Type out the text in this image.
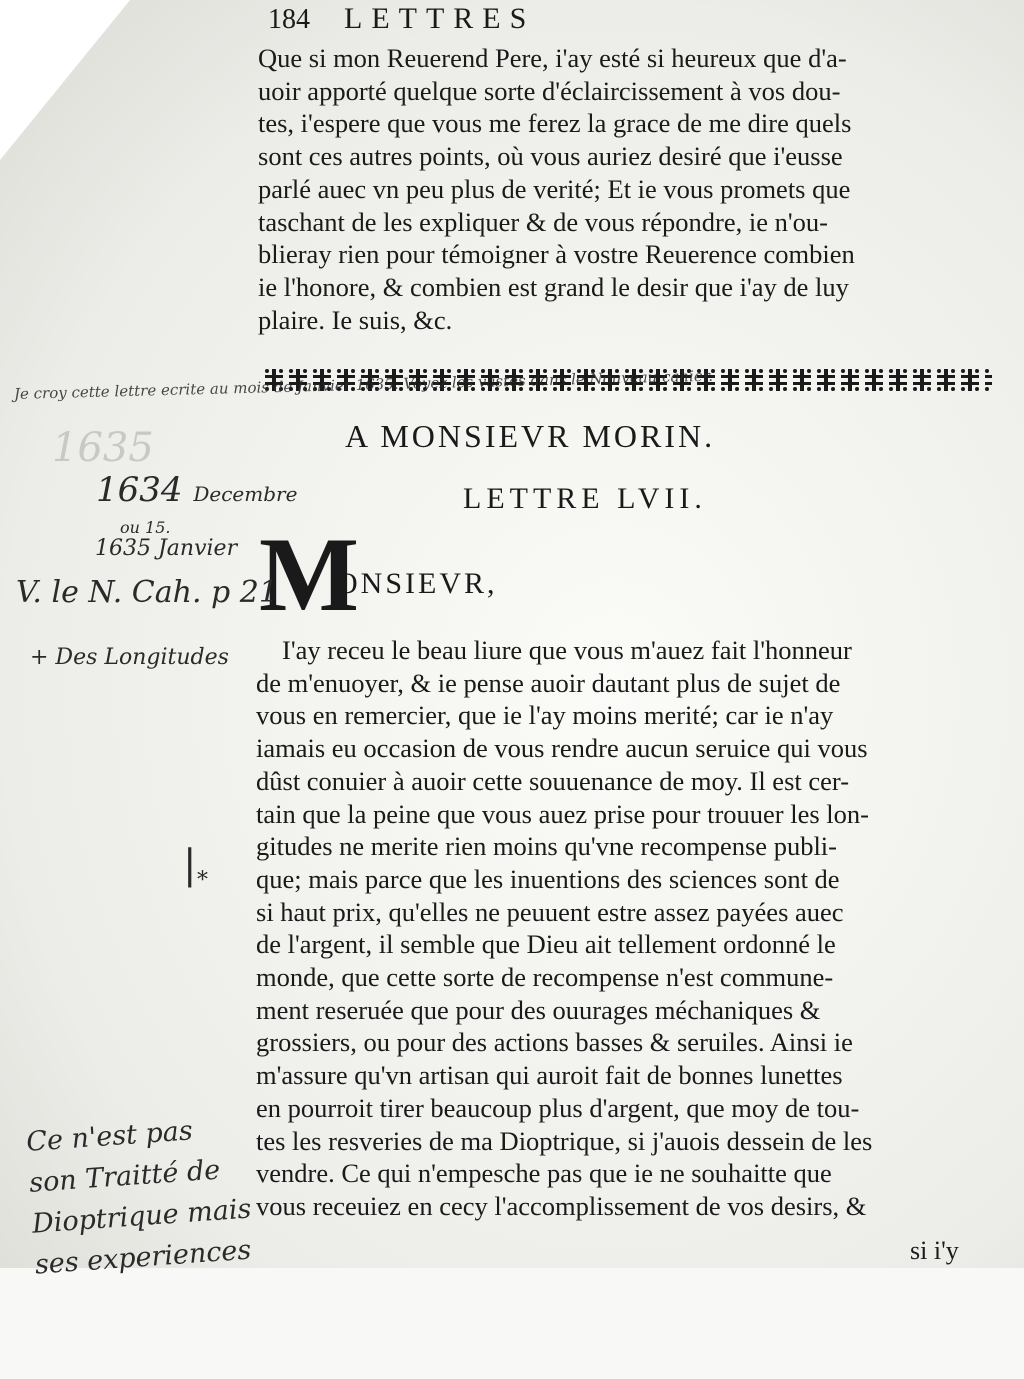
184 LETTRES
Que si mon Reuerend Pere, i'ay esté si heureux que d'a-
uoir apporté quelque sorte d'éclaircissement à vos dou-
tes, i'espere que vous me ferez la grace de me dire quels
sont ces autres points, où vous auriez desiré que i'eusse
parlé auec vn peu plus de verité; Et ie vous promets que
taschant de les expliquer & de vous répondre, ie n'ou-
blieray rien pour témoigner à vostre Reuerence combien
ie l'honore, & combien est grand le desir que i'ay de luy
plaire. Ie suis, &c.
A MONSIEVR MORIN.
LETTRE LVII.
M
ONSIEVR,
I'ay receu le beau liure que vous m'auez fait l'honneur
de m'enuoyer, & ie pense auoir dautant plus de sujet de
vous en remercier, que ie l'ay moins merité; car ie n'ay
iamais eu occasion de vous rendre aucun seruice qui vous
dûst conuier à auoir cette souuenance de moy. Il est cer-
tain que la peine que vous auez prise pour trouuer les lon-
gitudes ne merite rien moins qu'vne recompense publi-
que; mais parce que les inuentions des sciences sont de
si haut prix, qu'elles ne peuuent estre assez payées auec
de l'argent, il semble que Dieu ait tellement ordonné le
monde, que cette sorte de recompense n'est commune-
ment reseruée que pour des ouurages méchaniques &
grossiers, ou pour des actions basses & seruiles. Ainsi ie
m'assure qu'vn artisan qui auroit fait de bonnes lunettes
en pourroit tirer beaucoup plus d'argent, que moy de tou-
tes les resveries de ma Dioptrique, si j'auois dessein de les
vendre. Ce qui n'empesche pas que ie ne souhaitte que
vous receuiez en cecy l'accomplissement de vos desirs, &
si i'y
Je croy cette lettre ecrite au mois de Janvier 1635. Voyez les vastes dans le Nouveau cahier.
1635
1634 Decembre
ou 15.
1635 Janvier
V. le N. Cah. p 21
+ Des Longitudes
| *
Ce n'est pas
son Traitté de
Dioptrique mais
ses experiences
